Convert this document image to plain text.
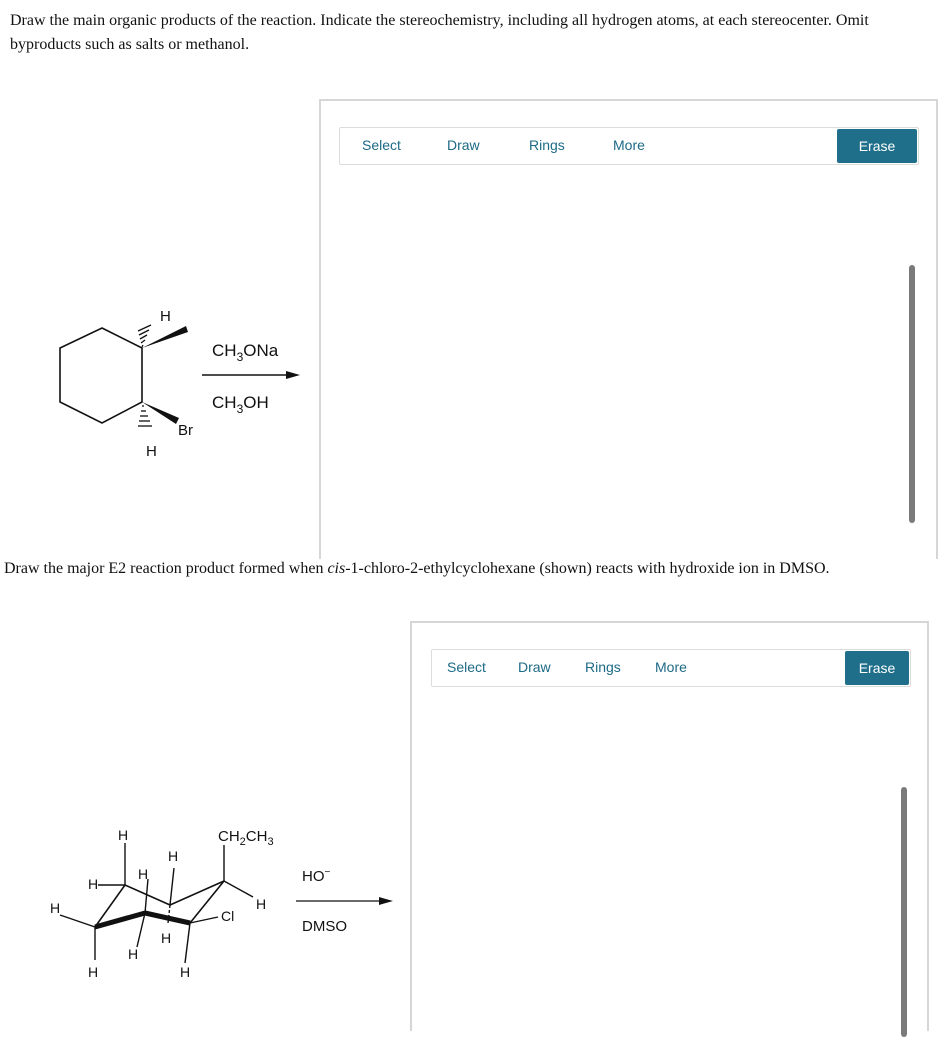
Draw the main organic products of the reaction. Indicate the stereochemistry, including all hydrogen atoms, at each stereocenter. Omit byproducts such as salts or methanol.

H
Br
H
$CH_3ONa$
$CH_3OH$
Select	Draw	Rings	More	Erase

Draw the major E2 reaction product formed when cis-1-chloro-2-ethylcyclohexane (shown) reacts with hydroxide ion in DMSO.

H
H
H
H
H
H
H
H
H
H
Cl
$CH_2CH_3$
HO−
DMSO
Select Draw Rings More	Erase
